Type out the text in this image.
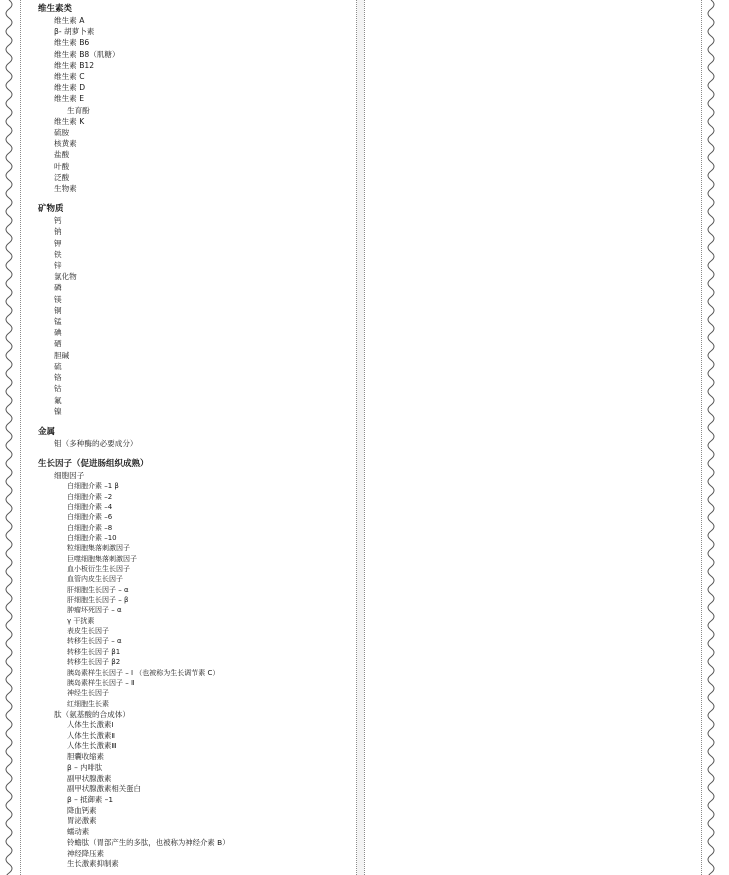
维生素类
维生素 A
β- 胡萝卜素
维生素 B6
维生素 B8（肌糖）
维生素 B12
维生素 C
维生素 D
维生素 E
生育酚
维生素 K
硫胺
核黄素
盐酸
叶酸
泛酸
生物素
矿物质
钙
钠
钾
铁
锌
氯化物
磷
镁
铜
锰
碘
硒
胆碱
硫
铬
钴
氟
镍
金属
钼（多种酶的必要成分）
生长因子（促进肠组织成熟）
细胞因子
白细胞介素 –1 β
白细胞介素 –2
白细胞介素 –4
白细胞介素 –6
白细胞介素 –8
白细胞介素 –10
粒细胞集落刺激因子
巨噬细胞集落刺激因子
血小板衍生生长因子
血管内皮生长因子
肝细胞生长因子 – α
肝细胞生长因子 – β
肿瘤坏死因子 – α
γ 干扰素
表皮生长因子
转移生长因子 – α
转移生长因子 β1
转移生长因子 β2
胰岛素样生长因子 – Ⅰ （也被称为生长调节素 C）
胰岛素样生长因子 – Ⅱ
神经生长因子
红细胞生长素
肽（氨基酸的合成体）
人体生长激素Ⅰ
人体生长激素Ⅱ
人体生长激素Ⅲ
胆囊收缩素
β – 内啡肽
副甲状腺激素
副甲状腺激素相关蛋白
β – 抵御素 –1
降血钙素
胃泌激素
蠕动素
铃蟾肽（胃部产生的多肽，也被称为神经介素 B）
神经降压素
生长激素抑制素
